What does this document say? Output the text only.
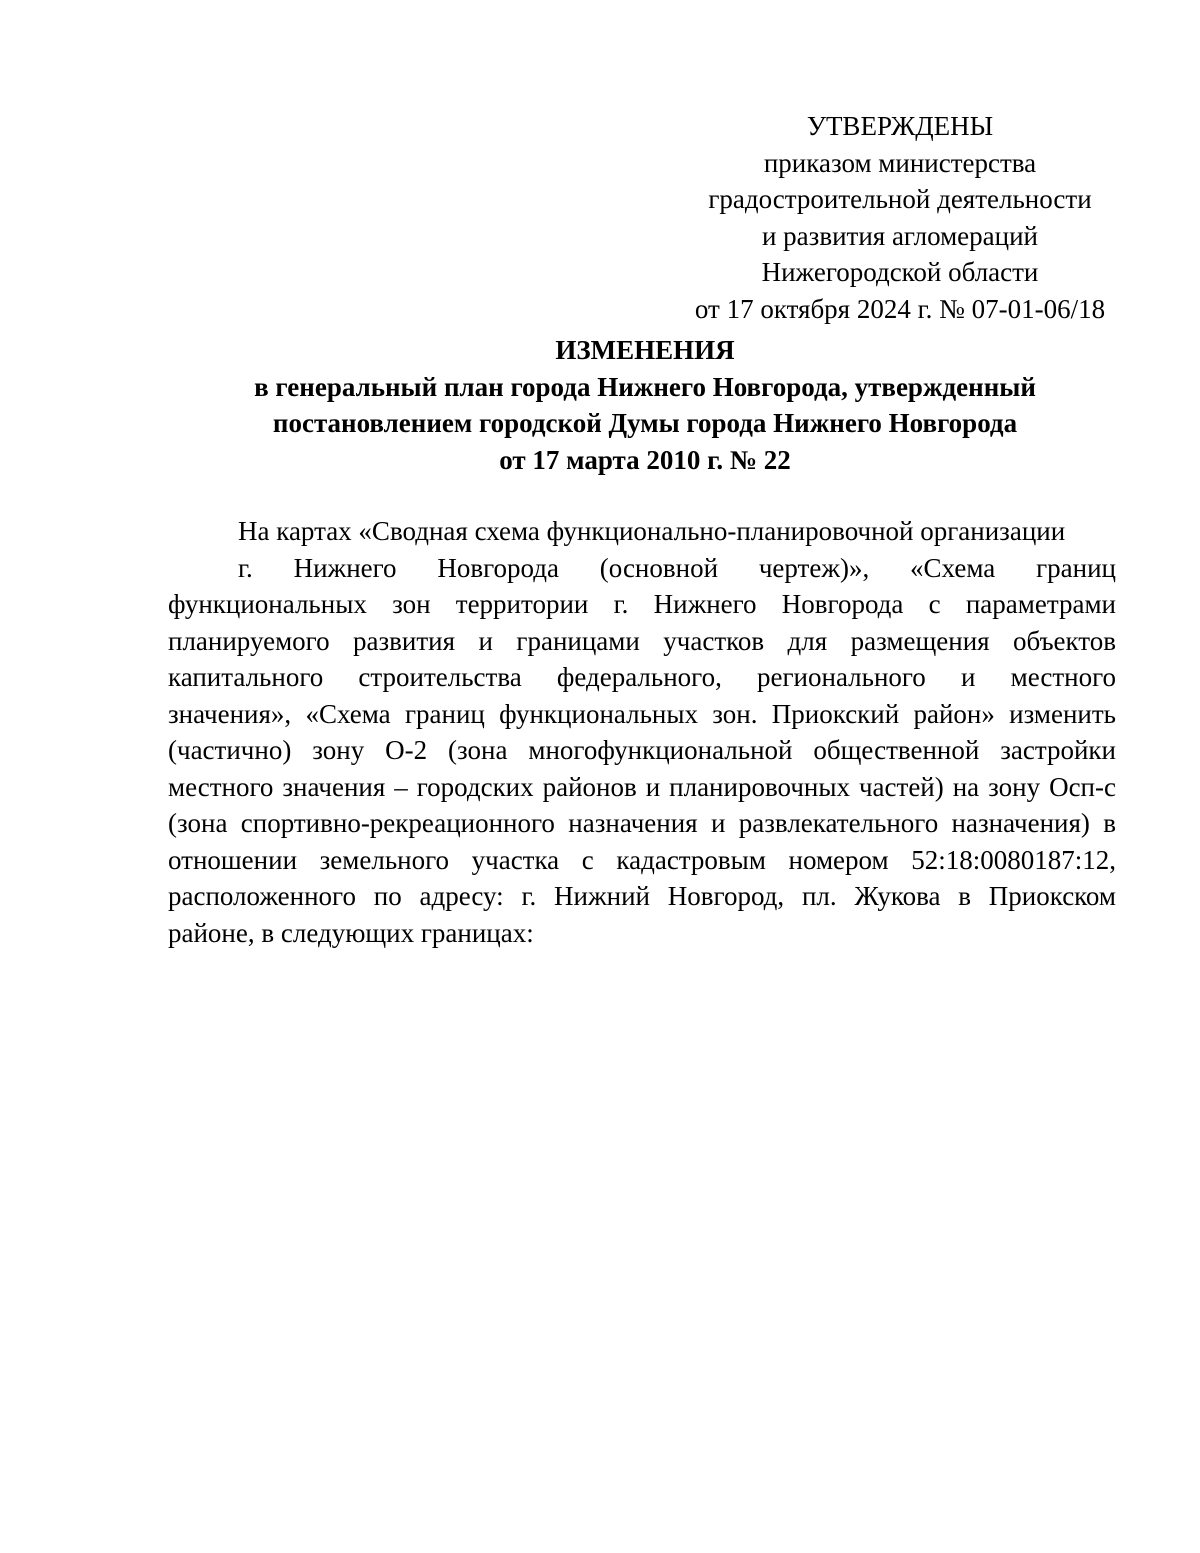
УТВЕРЖДЕНЫ
приказом министерства
градостроительной деятельности
и развития агломераций
Нижегородской области
от 17 октября 2024 г. № 07-01-06/18
ИЗМЕНЕНИЯ
в генеральный план города Нижнего Новгорода, утвержденный
постановлением городской Думы города Нижнего Новгорода
от 17 марта 2010 г. № 22
На картах «Сводная схема функционально-планировочной организации
г. Нижнего Новгорода (основной чертеж)», «Схема границ
функциональных зон территории г. Нижнего Новгорода с параметрами
планируемого развития и границами участков для размещения объектов
капитального строительства федерального, регионального и местного
значения», «Схема границ функциональных зон. Приокский район» изменить
(частично) зону О-2 (зона многофункциональной общественной застройки
местного значения – городских районов и планировочных частей) на зону Осп-с
(зона спортивно-рекреационного назначения и развлекательного назначения) в
отношении земельного участка с кадастровым номером 52:18:0080187:12,
расположенного по адресу: г. Нижний Новгород, пл. Жукова в Приокском
районе, в следующих границах:
